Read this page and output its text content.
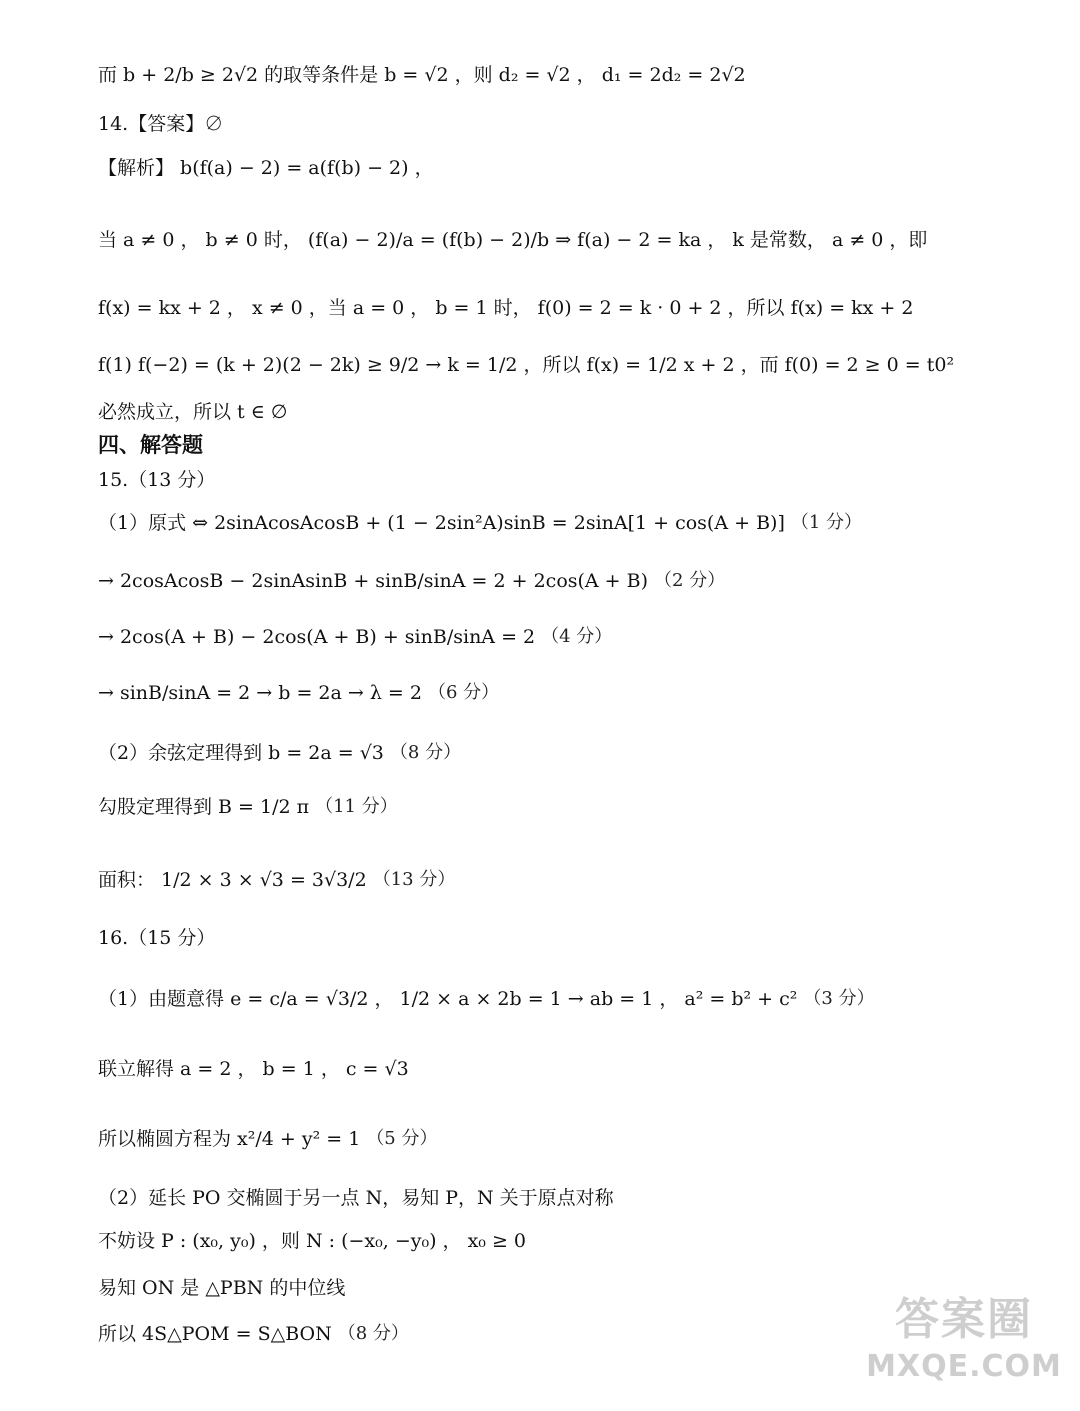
而 b + 2/b ≥ 2√2 的取等条件是 b = √2 ，则 d₂ = √2 ， d₁ = 2d₂ = 2√2
14.【答案】∅
【解析】 b(f(a) − 2) = a(f(b) − 2) ，
当 a ≠ 0 ， b ≠ 0 时， (f(a) − 2)/a = (f(b) − 2)/b ⇒ f(a) − 2 = ka ， k 是常数， a ≠ 0 ，即
f(x) = kx + 2 ， x ≠ 0 ，当 a = 0 ， b = 1 时， f(0) = 2 = k · 0 + 2 ，所以 f(x) = kx + 2
f(1) f(−2) = (k + 2)(2 − 2k) ≥ 9/2 → k = 1/2 ，所以 f(x) = 1/2 x + 2 ，而 f(0) = 2 ≥ 0 = t0²
必然成立，所以 t ∈ ∅
四、解答题
15.（13 分）
（1）原式 ⇔ 2sinAcosAcosB + (1 − 2sin²A)sinB = 2sinA[1 + cos(A + B)] （1 分）
→ 2cosAcosB − 2sinAsinB + sinB/sinA = 2 + 2cos(A + B) （2 分）
→ 2cos(A + B) − 2cos(A + B) + sinB/sinA = 2 （4 分）
→ sinB/sinA = 2 → b = 2a → λ = 2 （6 分）
（2）余弦定理得到 b = 2a = √3 （8 分）
勾股定理得到 B = 1/2 π （11 分）
面积： 1/2 × 3 × √3 = 3√3/2 （13 分）
16.（15 分）
（1）由题意得 e = c/a = √3/2 ， 1/2 × a × 2b = 1 → ab = 1 ， a² = b² + c² （3 分）
联立解得 a = 2 ， b = 1 ， c = √3
所以椭圆方程为 x²/4 + y² = 1 （5 分）
（2）延长 PO 交椭圆于另一点 N，易知 P，N 关于原点对称
不妨设 P : (x₀, y₀) ，则 N : (−x₀, −y₀) ， x₀ ≥ 0
易知 ON 是 △PBN 的中位线
所以 4S△POM = S△BON （8 分）	答案圈
MXQE.COM
